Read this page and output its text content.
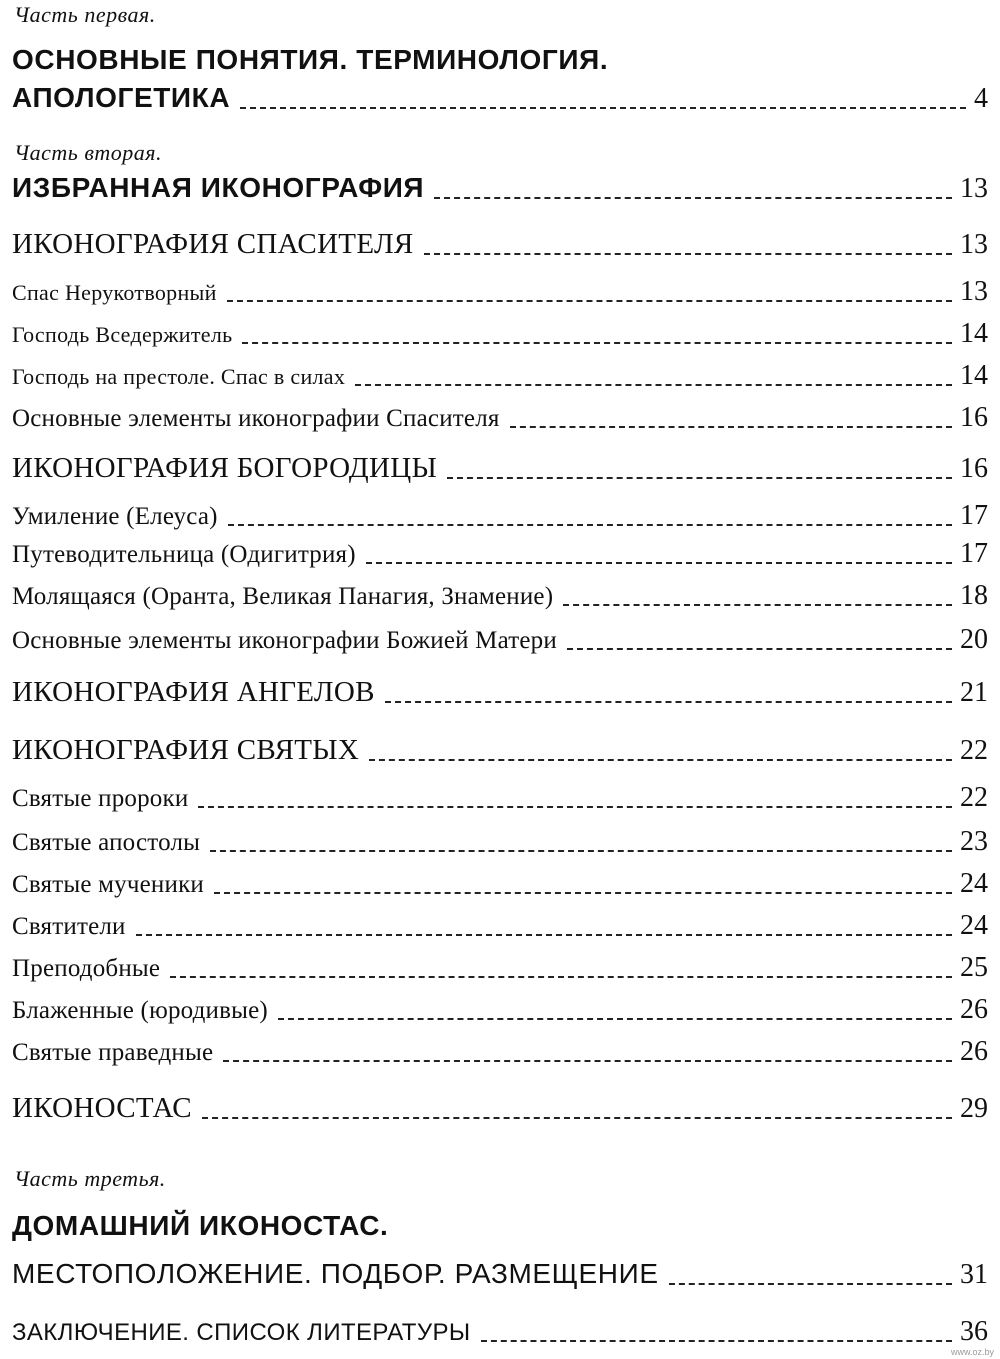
Часть первая.
ОСНОВНЫЕ ПОНЯТИЯ. ТЕРМИНОЛОГИЯ.
АПОЛОГЕТИКА	4
Часть вторая.
ИЗБРАННАЯ ИКОНОГРАФИЯ	13
ИКОНОГРАФИЯ СПАСИТЕЛЯ	13
Спас Нерукотворный	13
Господь Вседержитель	14
Господь на престоле. Спас в силах	14
Основные элементы иконографии Спасителя	16
ИКОНОГРАФИЯ БОГОРОДИЦЫ	16
Умиление (Елеуса)	17
Путеводительница (Одигитрия)	17
Молящаяся (Оранта, Великая Панагия, Знамение)	18
Основные элементы иконографии Божией Матери	20
ИКОНОГРАФИЯ АНГЕЛОВ	21
ИКОНОГРАФИЯ СВЯТЫХ	22
Святые пророки	22
Святые апостолы	23
Святые мученики	24
Святители	24
Преподобные	25
Блаженные (юродивые)	26
Святые праведные	26
ИКОНОСТАС	29
Часть третья.
ДОМАШНИЙ ИКОНОСТАС.
МЕСТОПОЛОЖЕНИЕ. ПОДБОР. РАЗМЕЩЕНИЕ	31
ЗАКЛЮЧЕНИЕ. СПИСОК ЛИТЕРАТУРЫ	36
www.oz.by
